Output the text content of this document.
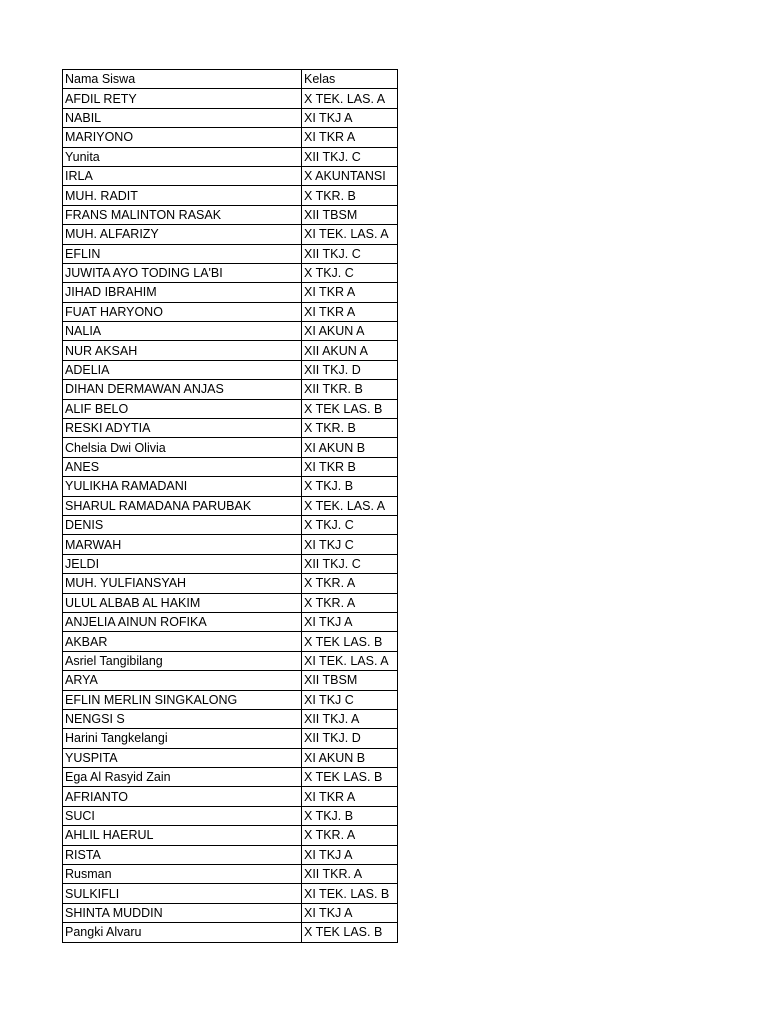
Nama Siswa	Kelas
AFDIL RETY	X TEK. LAS. A
NABIL	XI TKJ A
MARIYONO	XI TKR A
Yunita	XII TKJ. C
IRLA	X AKUNTANSI
MUH. RADIT	X TKR. B
FRANS MALINTON RASAK	XII TBSM
MUH. ALFARIZY	XI TEK. LAS. A
EFLIN	XII TKJ. C
JUWITA AYO TODING LA'BI	X TKJ. C
JIHAD IBRAHIM	XI TKR A
FUAT HARYONO	XI TKR A
NALIA	XI AKUN A
NUR AKSAH	XII AKUN A
ADELIA	XII TKJ. D
DIHAN DERMAWAN ANJAS	XII TKR. B
ALIF BELO	X TEK LAS. B
RESKI ADYTIA	X TKR. B
Chelsia Dwi Olivia	XI AKUN B
ANES	XI TKR B
YULIKHA RAMADANI	X TKJ. B
SHARUL RAMADANA PARUBAK	X TEK. LAS. A
DENIS	X TKJ. C
MARWAH	XI TKJ C
JELDI	XII TKJ. C
MUH. YULFIANSYAH	X TKR. A
ULUL ALBAB AL HAKIM	X TKR. A
ANJELIA AINUN ROFIKA	XI TKJ A
AKBAR	X TEK LAS. B
Asriel Tangibilang	XI TEK. LAS. A
ARYA	XII TBSM
EFLIN MERLIN SINGKALONG	XI TKJ C
NENGSI S	XII TKJ. A
Harini Tangkelangi	XII TKJ. D
YUSPITA	XI AKUN B
Ega Al Rasyid Zain	X TEK LAS. B
AFRIANTO	XI TKR A
SUCI	X TKJ. B
AHLIL HAERUL	X TKR. A
RISTA	XI TKJ A
Rusman	XII TKR. A
SULKIFLI	XI TEK. LAS. B
SHINTA MUDDIN	XI TKJ A
Pangki Alvaru	X TEK LAS. B
